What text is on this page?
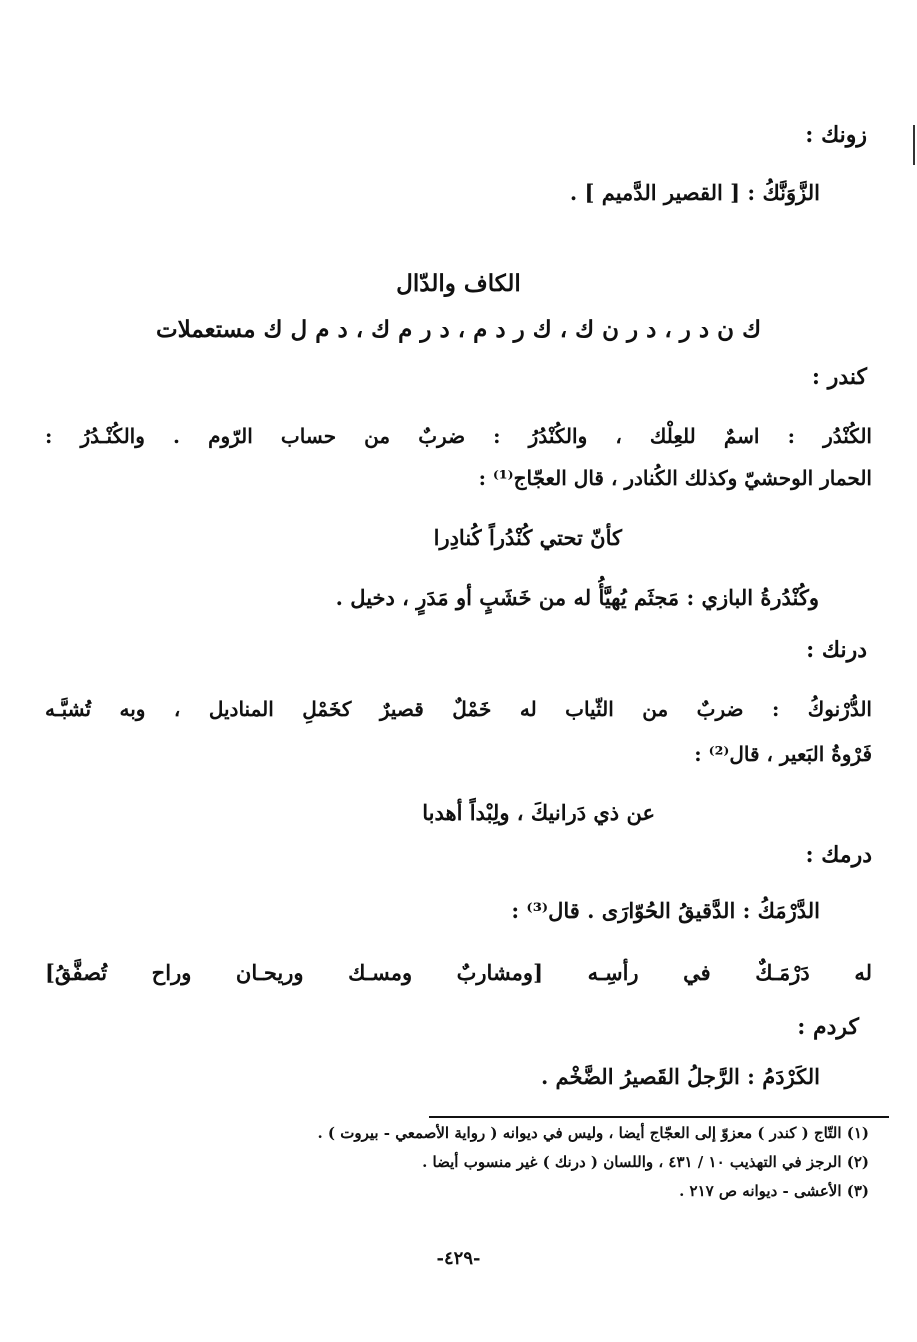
زونك :
الزَّوَنَّكُ : [ القصير الدَّميم ] .
الكاف والدّال
ك ن د ر ، د ر ن ك ، ك ر د م ، د ر م ك ، د م ل ك مستعملات
كندر :
الكُنْدُر : اسمٌ للعِلْك ، والكُنْدُرُ : ضربٌ من حساب الرّوم . والكُنْـدُرُ :
الحمار الوحشيّ وكذلك الكُنادر ، قال العجّاج⁽¹⁾ :
كأنّ تحتي كُنْدُراً كُنادِرا
وكُنْدُرةُ البازي : مَجثَم يُهيَّأُ له من خَشَبٍ أو مَدَرٍ ، دخيل .
درنك :
الدُّرْنوكُ : ضربٌ من الثّياب له خَمْلٌ قصيرٌ كخَمْلِ المناديل ، وبه تُشبَّـه
فَرْوةُ البَعير ، قال⁽²⁾ :
عن ذي دَرانيكَ ، ولِبْداً أهدبا
درمك :
الدَّرْمَكُ : الدَّقيقُ الحُوّارَى . قال⁽³⁾ :
له دَرْمَـكٌ في رأسِـه [ومشاربٌ ومسـك وريحـان وراح تُصفَّقُ]
كردم :
الكَرْدَمُ : الرَّجلُ القَصيرُ الضَّخْم .
(١) التّاج ( كندر ) معزوّ إلى العجّاج أيضا ، وليس في ديوانه ( رواية الأصمعي - بيروت ) .
(٢) الرجز في التهذيب ١٠ / ٤٣١ ، واللسان ( درنك ) غير منسوب أيضا .
(٣) الأعشى - ديوانه ص ٢١٧ .
-٤٢٩-
